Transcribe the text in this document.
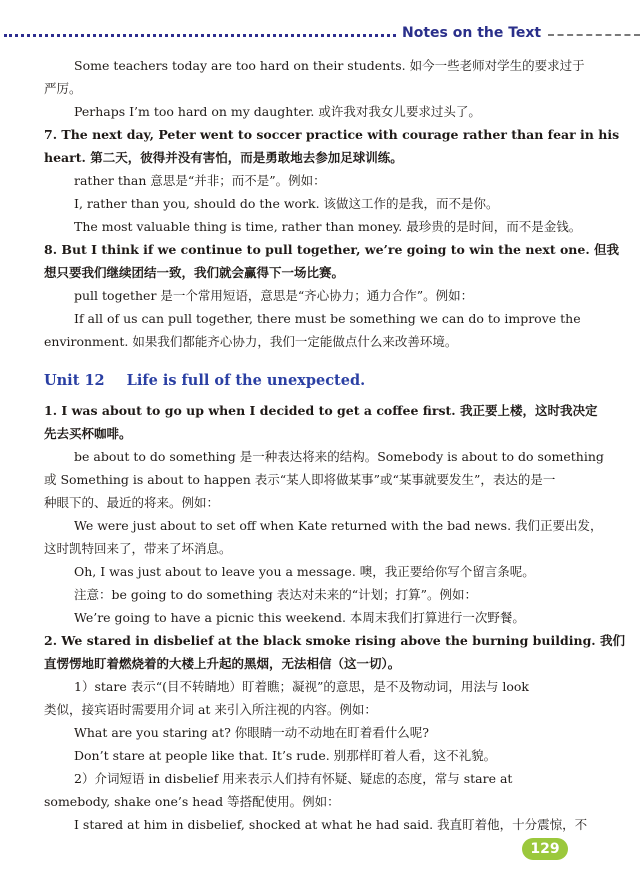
Notes on the Text

Some teachers today are too hard on their students. 如今一些老师对学生的要求过于

严厉。

Perhaps I’m too hard on my daughter. 或许我对我女儿要求过头了。

7. The next day, Peter went to soccer practice with courage rather than fear in his

heart. 第二天，彼得并没有害怕，而是勇敢地去参加足球训练。

rather than 意思是“并非；而不是”。例如：

I, rather than you, should do the work. 该做这工作的是我，而不是你。

The most valuable thing is time, rather than money. 最珍贵的是时间，而不是金钱。

8. But I think if we continue to pull together, we’re going to win the next one. 但我

想只要我们继续团结一致，我们就会赢得下一场比赛。

pull together 是一个常用短语，意思是“齐心协力；通力合作”。例如：

If all of us can pull together, there must be something we can do to improve the

environment. 如果我们都能齐心协力，我们一定能做点什么来改善环境。

Unit 12 Life is full of the unexpected.

1. I was about to go up when I decided to get a coffee first. 我正要上楼，这时我决定

先去买杯咖啡。

be about to do something 是一种表达将来的结构。Somebody is about to do something

或 Something is about to happen 表示“某人即将做某事”或“某事就要发生”，表达的是一

种眼下的、最近的将来。例如：

We were just about to set off when Kate returned with the bad news. 我们正要出发，

这时凯特回来了，带来了坏消息。

Oh, I was just about to leave you a message. 噢，我正要给你写个留言条呢。

注意：be going to do something 表达对未来的“计划；打算”。例如：

We’re going to have a picnic this weekend. 本周末我们打算进行一次野餐。

2. We stared in disbelief at the black smoke rising above the burning building. 我们

直愣愣地盯着燃烧着的大楼上升起的黑烟，无法相信（这一切）。

1）stare 表示“(目不转睛地）盯着瞧；凝视”的意思，是不及物动词，用法与 look

类似，接宾语时需要用介词 at 来引入所注视的内容。例如：

What are you staring at? 你眼睛一动不动地在盯着看什么呢?

Don’t stare at people like that. It’s rude. 别那样盯着人看，这不礼貌。

2）介词短语 in disbelief 用来表示人们持有怀疑、疑虑的态度，常与 stare at

somebody, shake one’s head 等搭配使用。例如：

I stared at him in disbelief, shocked at what he had said. 我直盯着他，十分震惊，不

129
